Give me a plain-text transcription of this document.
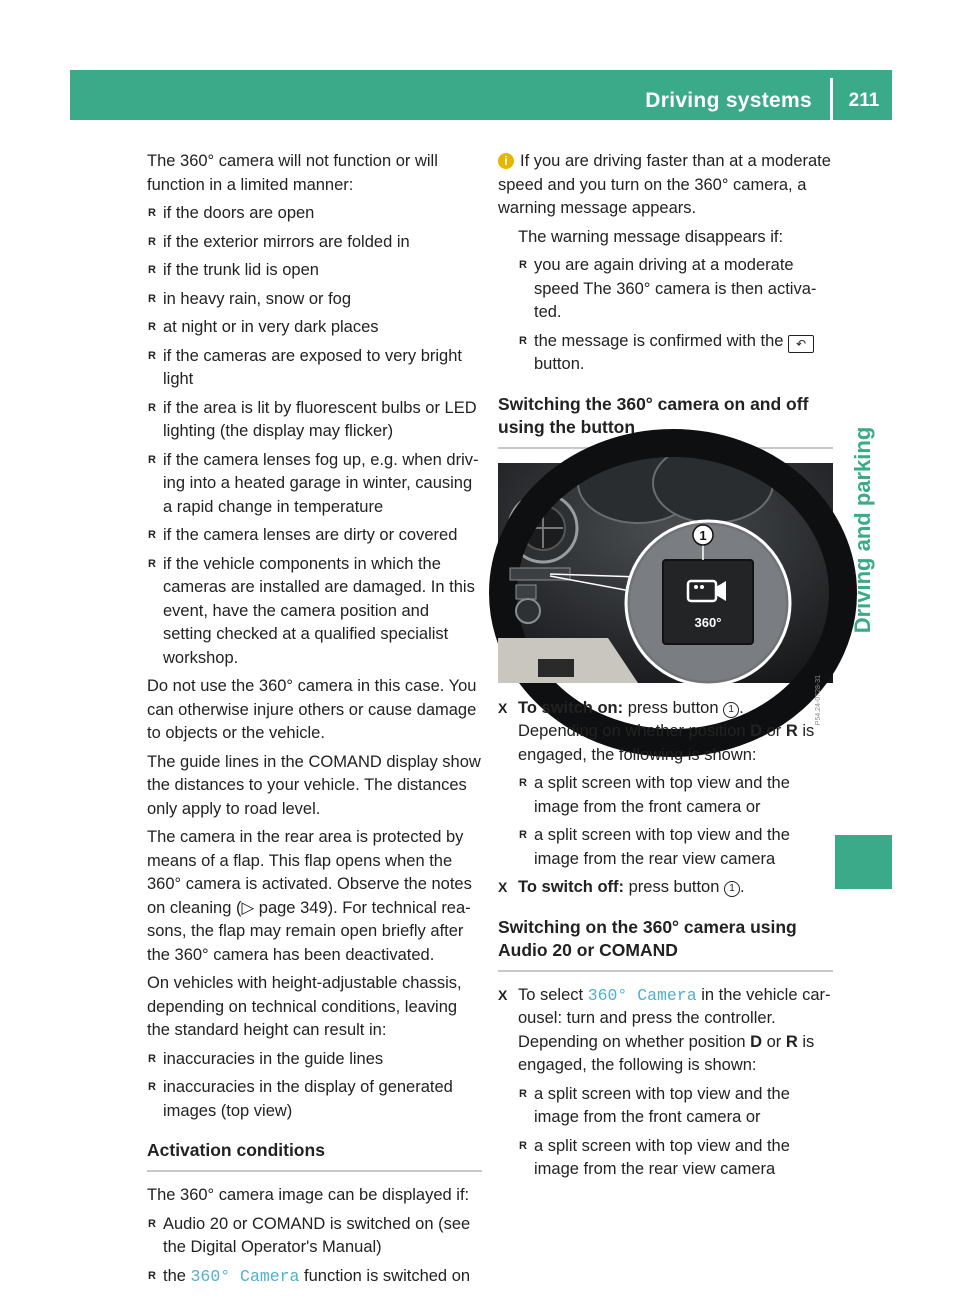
Driving systems	211
Driving and parking

The 360° camera will not function or will function in a limited manner:

R if the doors are open
R if the exterior mirrors are folded in
R if the trunk lid is open
R in heavy rain, snow or fog
R at night or in very dark places
R if the cameras are exposed to very bright light
R if the area is lit by fluorescent bulbs or LED lighting (the display may flicker)
R if the camera lenses fog up, e.g. when driv-ing into a heated garage in winter, causing a rapid change in temperature
R if the camera lenses are dirty or covered
R if the vehicle components in which the cameras are installed are damaged. In this event, have the camera position and setting checked at a qualified specialist workshop.

Do not use the 360° camera in this case. You can otherwise injure others or cause damage to objects or the vehicle.

The guide lines in the COMAND display show the distances to your vehicle. The distances only apply to road level.

The camera in the rear area is protected by means of a flap. This flap opens when the 360° camera is activated. Observe the notes on cleaning (▷ page 349). For technical rea-sons, the flap may remain open briefly after the 360° camera has been deactivated.

On vehicles with height-adjustable chassis, depending on technical conditions, leaving the standard height can result in:

R inaccuracies in the guide lines
R inaccuracies in the display of generated images (top view)
Activation conditions

The 360° camera image can be displayed if:

R Audio 20 or COMAND is switched on (see the Digital Operator's Manual)
R the 360° Camera function is switched on

i If you are driving faster than at a moderate speed and you turn on the 360° camera, a warning message appears.

The warning message disappears if:

R you are again driving at a moderate speed The 360° camera is then activa-ted.
R the message is confirmed with the ↶
button.
Switching the 360° camera on and off using the button
1
360°
P54.24-0728-31
X To switch on: press button 1 .
Depending on whether position D or R is engaged, the following is shown:
R a split screen with top view and the image from the front camera or
R a split screen with top view and the image from the rear view camera
X To switch off: press button 1 .
Switching on the 360° camera using Audio 20 or COMAND
X To select 360° Camera in the vehicle car-ousel: turn and press the controller.
Depending on whether position D or R is engaged, the following is shown:
R a split screen with top view and the image from the front camera or
R a split screen with top view and the image from the rear view camera
